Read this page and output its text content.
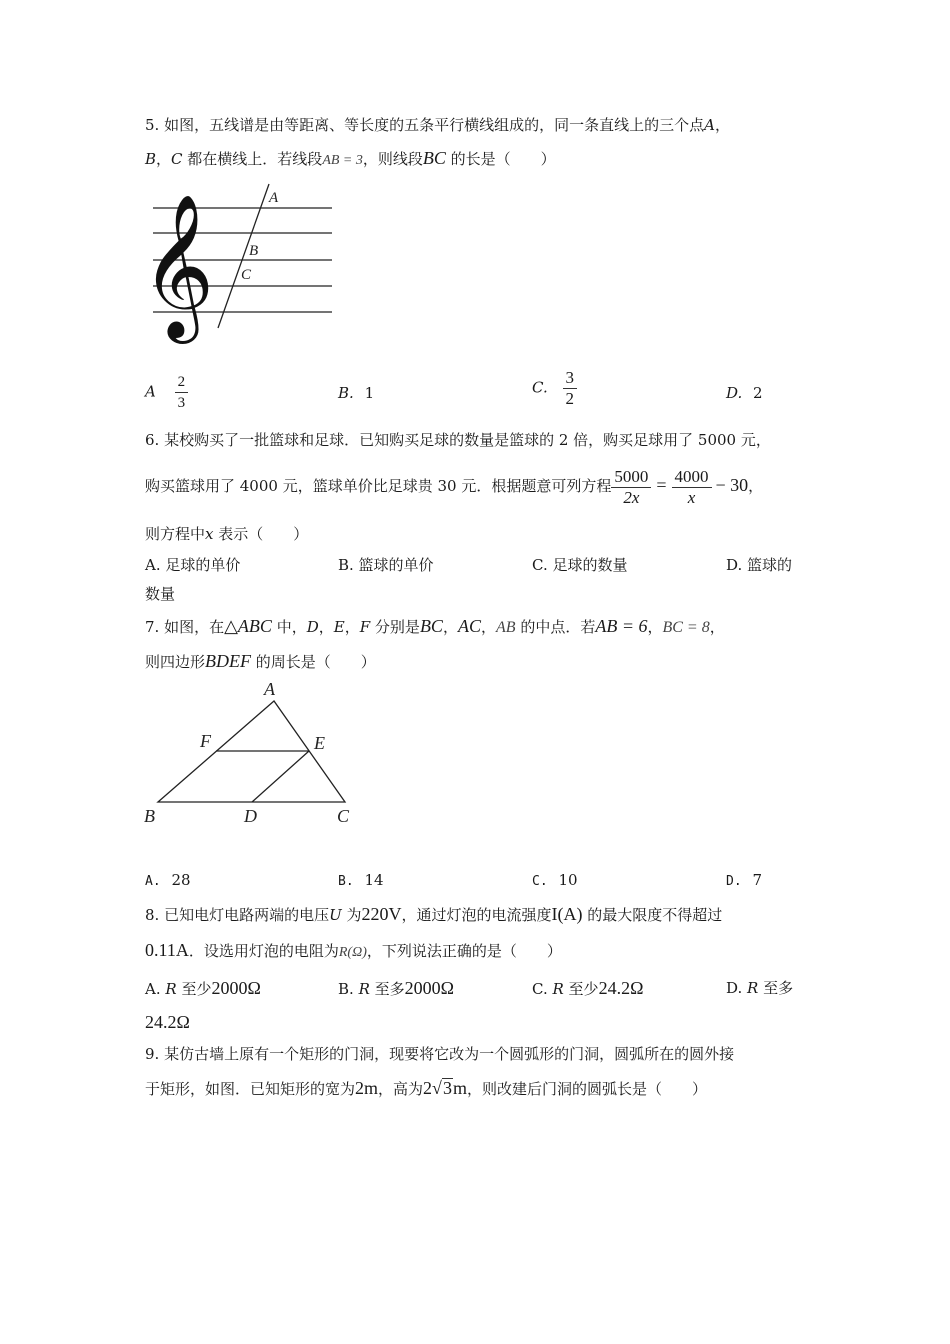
5. 如图，五线谱是由等距离、等长度的五条平行横线组成的，同一条直线上的三个点A，
B，C 都在横线上．若线段AB = 3，则线段BC 的长是（　　）
𝄞	A
B
C
A $\frac{2}{3}$	B. 1	C. $\frac{3}{2}$	D. 2
6. 某校购买了一批篮球和足球．已知购买足球的数量是篮球的 2 倍，购买足球用了 5000 元，
购买篮球用了 4000 元，篮球单价比足球贵 30 元．根据题意可列方程 $\frac{5000}{2x} = \frac{4000}{x} - 30$，
则方程中x 表示（　　）
A. 足球的单价	B. 篮球的单价	C. 足球的数量	D. 篮球的
数量
7. 如图，在△ABC 中，D，E，F 分别是BC，AC，AB 的中点．若AB = 6，BC = 8，
则四边形BDEF 的周长是（　　）
A
F	E
B	D	C
A. 28	B. 14	C. 10	D. 7
8. 已知电灯电路两端的电压U 为220V，通过灯泡的电流强度I(A) 的最大限度不得超过
0.11A．设选用灯泡的电阻为R(Ω)，下列说法正确的是（　　）
A. R 至少2000Ω	B. R 至多2000Ω	C. R 至少24.2Ω	D. R 至多
24.2Ω
9. 某仿古墙上原有一个矩形的门洞，现要将它改为一个圆弧形的门洞，圆弧所在的圆外接
于矩形，如图．已知矩形的宽为2m，高为2√3m，则改建后门洞的圆弧长是（　　）
